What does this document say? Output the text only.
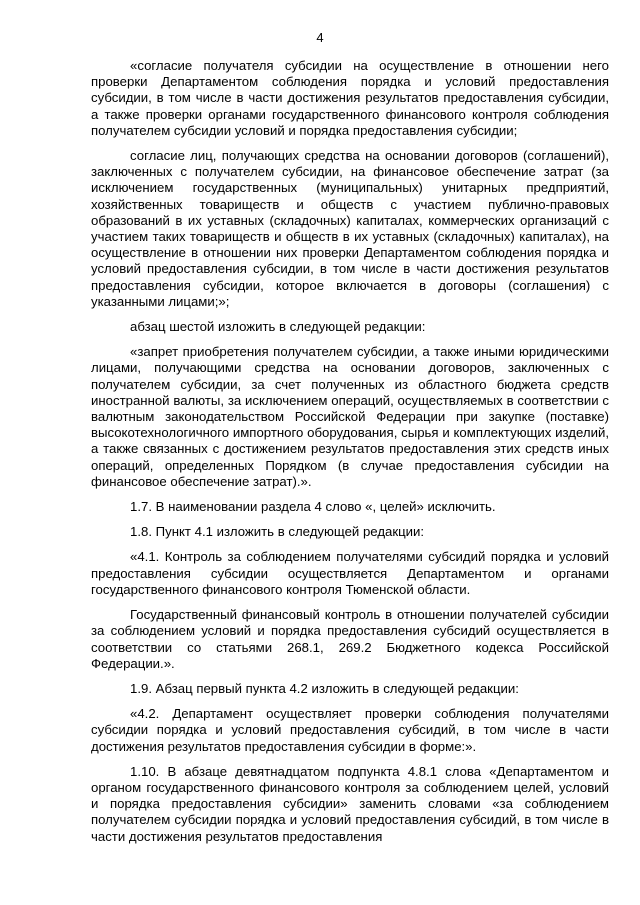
4

«согласие получателя субсидии на осуществление в отношении него проверки Департаментом соблюдения порядка и условий предоставления субсидии, в том числе в части достижения результатов предоставления субсидии, а также проверки органами государственного финансового контроля соблюдения получателем субсидии условий и порядка предоставления субсидии;

согласие лиц, получающих средства на основании договоров (соглашений), заключенных с получателем субсидии, на финансовое обеспечение затрат (за исключением государственных (муниципальных) унитарных предприятий, хозяйственных товариществ и обществ с участием публично-правовых образований в их уставных (складочных) капиталах, коммерческих организаций с участием таких товариществ и обществ в их уставных (складочных) капиталах), на осуществление в отношении них проверки Департаментом соблюдения порядка и условий предоставления субсидии, в том числе в части достижения результатов предоставления субсидии, которое включается в договоры (соглашения) с указанными лицами;»;

абзац шестой изложить в следующей редакции:

«запрет приобретения получателем субсидии, а также иными юридическими лицами, получающими средства на основании договоров, заключенных с получателем субсидии, за счет полученных из областного бюджета средств иностранной валюты, за исключением операций, осуществляемых в соответствии с валютным законодательством Российской Федерации при закупке (поставке) высокотехнологичного импортного оборудования, сырья и комплектующих изделий, а также связанных с достижением результатов предоставления этих средств иных операций, определенных Порядком (в случае предоставления субсидии на финансовое обеспечение затрат).».

1.7. В наименовании раздела 4 слово «, целей» исключить.

1.8. Пункт 4.1 изложить в следующей редакции:

«4.1. Контроль за соблюдением получателями субсидий порядка и условий предоставления субсидии осуществляется Департаментом и органами государственного финансового контроля Тюменской области.

Государственный финансовый контроль в отношении получателей субсидии за соблюдением условий и порядка предоставления субсидий осуществляется в соответствии со статьями 268.1, 269.2 Бюджетного кодекса Российской Федерации.».

1.9. Абзац первый пункта 4.2 изложить в следующей редакции:

«4.2. Департамент осуществляет проверки соблюдения получателями субсидии порядка и условий предоставления субсидий, в том числе в части достижения результатов предоставления субсидии в форме:».

1.10. В абзаце девятнадцатом подпункта 4.8.1 слова «Департаментом и органом государственного финансового контроля за соблюдением целей, условий и порядка предоставления субсидии» заменить словами «за соблюдением получателем субсидии порядка и условий предоставления субсидий, в том числе в части достижения результатов предоставления
